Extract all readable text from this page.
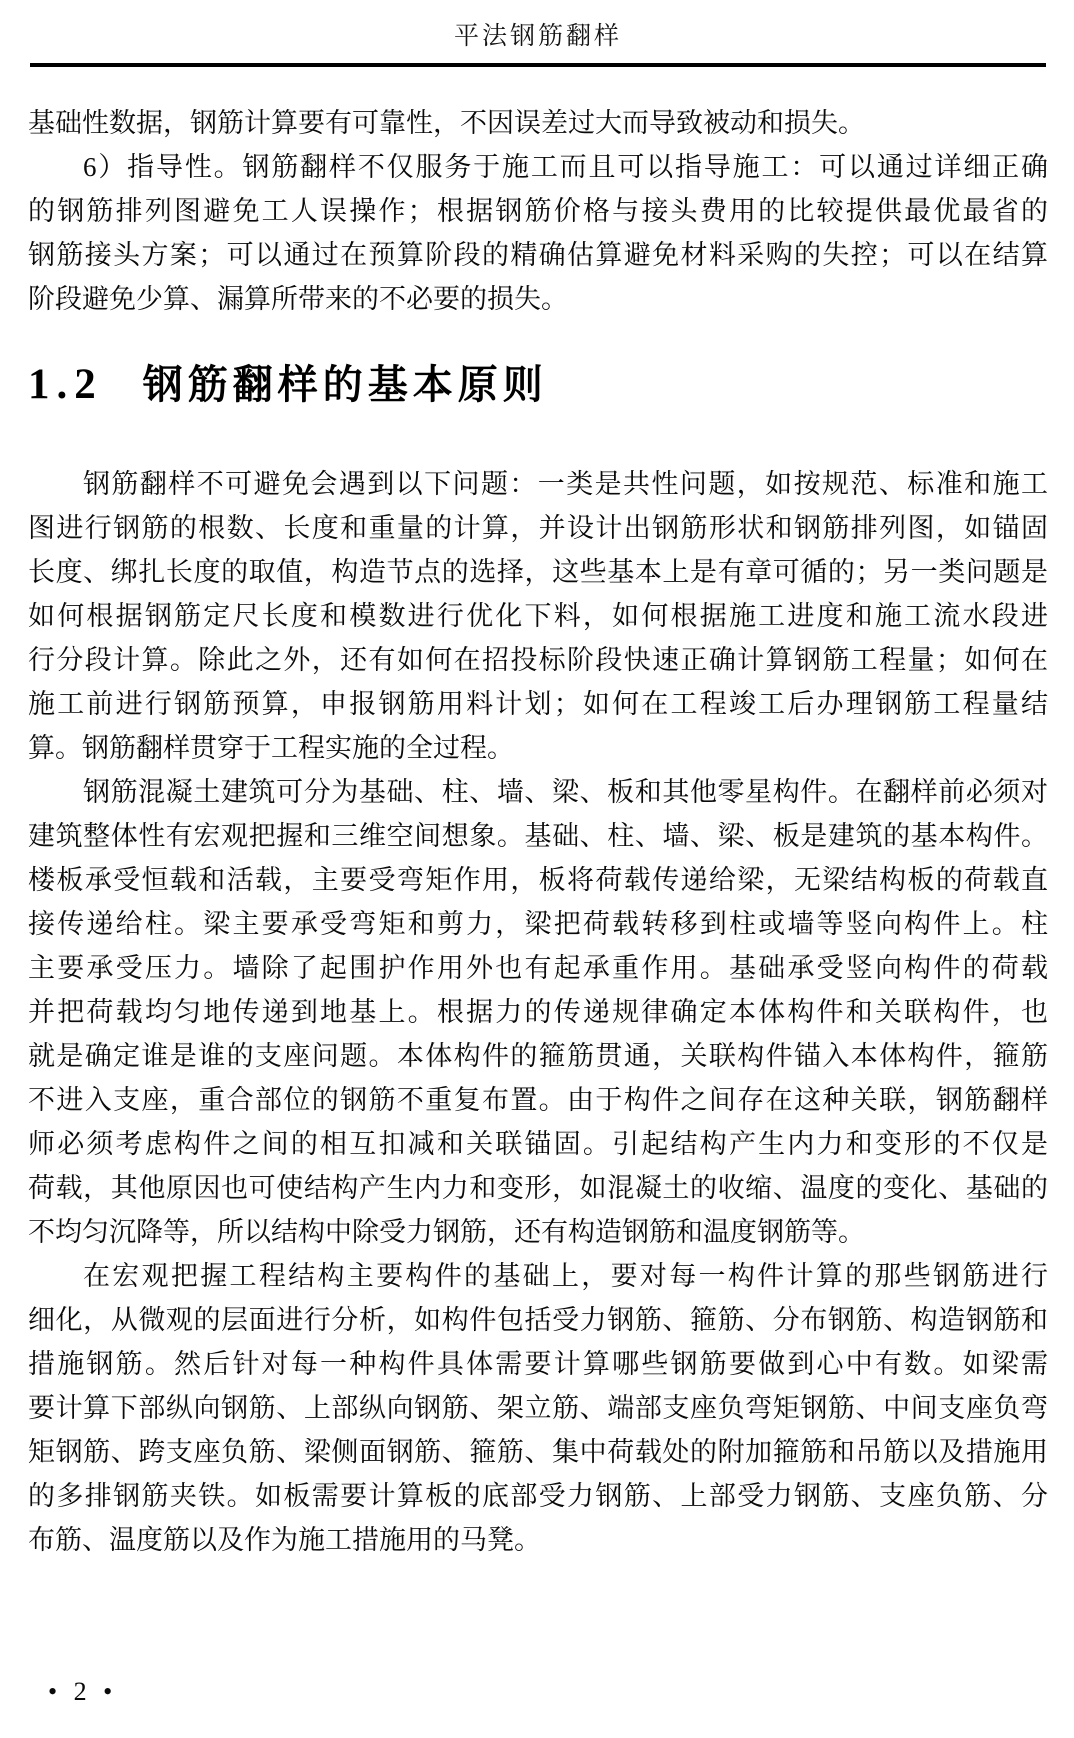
平法钢筋翻样
基础性数据，钢筋计算要有可靠性，不因误差过大而导致被动和损失。
6）指导性。钢筋翻样不仅服务于施工而且可以指导施工：可以通过详细正确
的钢筋排列图避免工人误操作；根据钢筋价格与接头费用的比较提供最优最省的
钢筋接头方案；可以通过在预算阶段的精确估算避免材料采购的失控；可以在结算
阶段避免少算、漏算所带来的不必要的损失。
1.2 钢筋翻样的基本原则
钢筋翻样不可避免会遇到以下问题：一类是共性问题，如按规范、标准和施工
图进行钢筋的根数、长度和重量的计算，并设计出钢筋形状和钢筋排列图，如锚固
长度、绑扎长度的取值，构造节点的选择，这些基本上是有章可循的；另一类问题是
如何根据钢筋定尺长度和模数进行优化下料，如何根据施工进度和施工流水段进
行分段计算。除此之外，还有如何在招投标阶段快速正确计算钢筋工程量；如何在
施工前进行钢筋预算，申报钢筋用料计划；如何在工程竣工后办理钢筋工程量结
算。钢筋翻样贯穿于工程实施的全过程。
钢筋混凝土建筑可分为基础、柱、墙、梁、板和其他零星构件。在翻样前必须对
建筑整体性有宏观把握和三维空间想象。基础、柱、墙、梁、板是建筑的基本构件。
楼板承受恒载和活载，主要受弯矩作用，板将荷载传递给梁，无梁结构板的荷载直
接传递给柱。梁主要承受弯矩和剪力，梁把荷载转移到柱或墙等竖向构件上。柱
主要承受压力。墙除了起围护作用外也有起承重作用。基础承受竖向构件的荷载
并把荷载均匀地传递到地基上。根据力的传递规律确定本体构件和关联构件，也
就是确定谁是谁的支座问题。本体构件的箍筋贯通，关联构件锚入本体构件，箍筋
不进入支座，重合部位的钢筋不重复布置。由于构件之间存在这种关联，钢筋翻样
师必须考虑构件之间的相互扣减和关联锚固。引起结构产生内力和变形的不仅是
荷载，其他原因也可使结构产生内力和变形，如混凝土的收缩、温度的变化、基础的
不均匀沉降等，所以结构中除受力钢筋，还有构造钢筋和温度钢筋等。
在宏观把握工程结构主要构件的基础上，要对每一构件计算的那些钢筋进行
细化，从微观的层面进行分析，如构件包括受力钢筋、箍筋、分布钢筋、构造钢筋和
措施钢筋。然后针对每一种构件具体需要计算哪些钢筋要做到心中有数。如梁需
要计算下部纵向钢筋、上部纵向钢筋、架立筋、端部支座负弯矩钢筋、中间支座负弯
矩钢筋、跨支座负筋、梁侧面钢筋、箍筋、集中荷载处的附加箍筋和吊筋以及措施用
的多排钢筋夹铁。如板需要计算板的底部受力钢筋、上部受力钢筋、支座负筋、分
布筋、温度筋以及作为施工措施用的马凳。
• 2 •
